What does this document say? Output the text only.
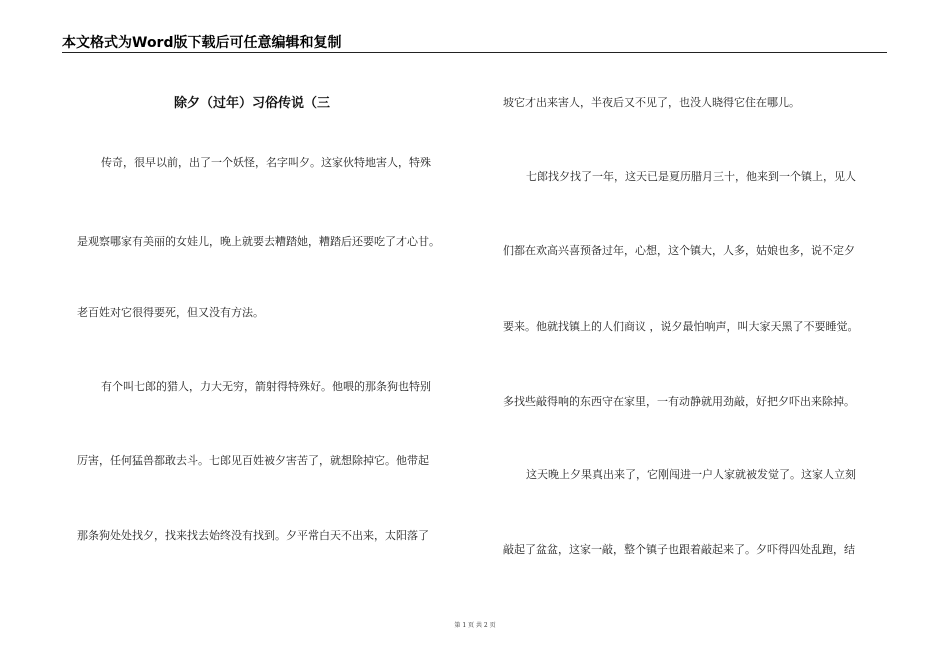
本文格式为Word版下载后可任意编辑和复制
除夕（过年）习俗传说（三
传奇，很早以前，出了一个妖怪，名字叫夕。这家伙特地害人，特殊
是观察哪家有美丽的女娃儿，晚上就要去糟踏她，糟踏后还要吃了才心甘。
老百姓对它很得要死，但又没有方法。
有个叫七郎的猎人，力大无穷，箭射得特殊好。他喂的那条狗也特别
厉害，任何猛兽都敢去斗。七郎见百姓被夕害苦了，就想除掉它。他带起
那条狗处处找夕，找来找去始终没有找到。夕平常白天不出来，太阳落了
坡它才出来害人，半夜后又不见了，也没人晓得它住在哪儿。
七郎找夕找了一年，这天已是夏历腊月三十，他来到一个镇上，见人
们都在欢高兴喜预备过年，心想，这个镇大，人多，姑娘也多，说不定夕
要来。他就找镇上的人们商议 ，说夕最怕响声，叫大家天黑了不要睡觉。
多找些敲得响的东西守在家里，一有动静就用劲敲，好把夕吓出来除掉。
这天晚上夕果真出来了，它刚闯进一户人家就被发觉了。这家人立刻
敲起了盆盆，这家一敲，整个镇子也跟着敲起来了。夕吓得四处乱跑，结
第 1 页 共 2 页
